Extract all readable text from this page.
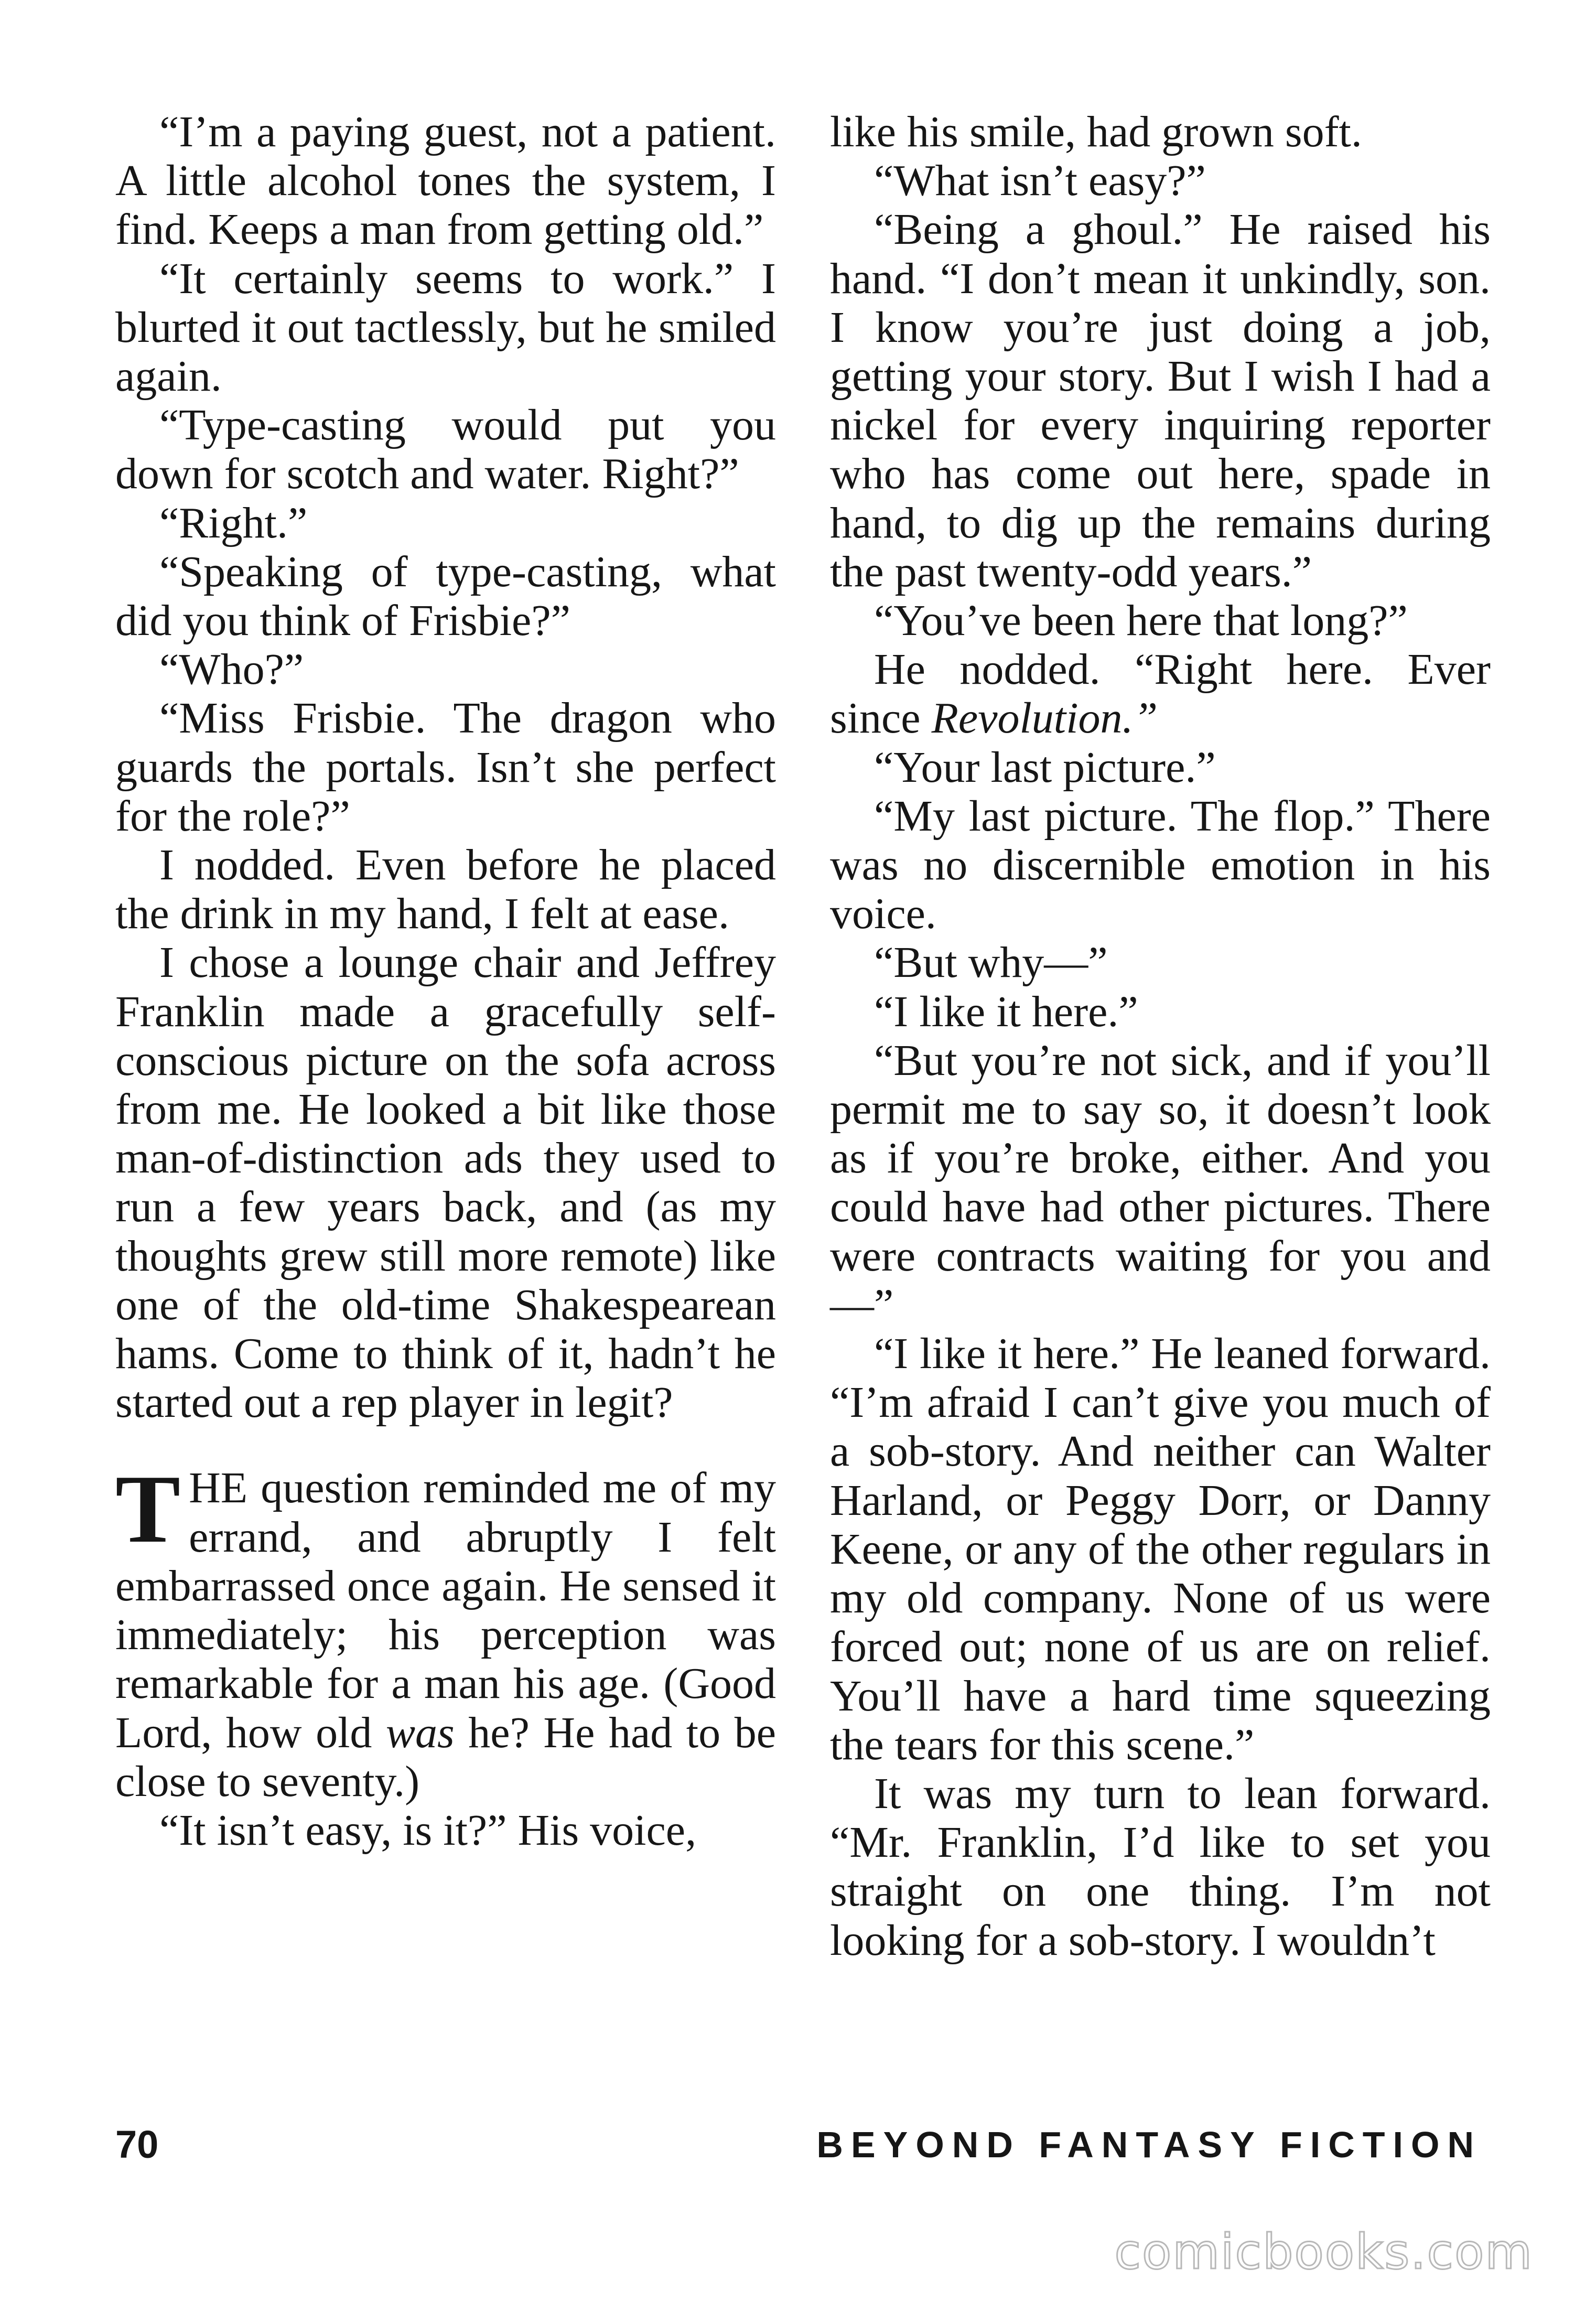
“I’m a paying guest, not a patient. A little alcohol tones the system, I find. Keeps a man from getting old.”

“It certainly seems to work.” I blurted it out tactlessly, but he smiled again.

“Type-casting would put you down for scotch and water. Right?”

“Right.”

“Speaking of type-casting, what did you think of Frisbie?”

“Who?”

“Miss Frisbie. The dragon who guards the portals. Isn’t she perfect for the role?”

I nodded. Even before he placed the drink in my hand, I felt at ease.

I chose a lounge chair and Jeffrey Franklin made a gracefully self-conscious picture on the sofa across from me. He looked a bit like those man-of-distinction ads they used to run a few years back, and (as my thoughts grew still more remote) like one of the old-time Shakespearean hams. Come to think of it, hadn’t he started out a rep player in legit?

THE question reminded me of my errand, and abruptly I felt embarrassed once again. He sensed it immediately; his perception was remarkable for a man his age. (Good Lord, how old was he? He had to be close to seventy.)

“It isn’t easy, is it?” His voice,

like his smile, had grown soft.

“What isn’t easy?”

“Being a ghoul.” He raised his hand. “I don’t mean it unkindly, son. I know you’re just doing a job, getting your story. But I wish I had a nickel for every inquiring reporter who has come out here, spade in hand, to dig up the remains during the past twenty-odd years.”

“You’ve been here that long?”

He nodded. “Right here. Ever since Revolution.”

“Your last picture.”

“My last picture. The flop.” There was no discernible emotion in his voice.

“But why—”

“I like it here.”

“But you’re not sick, and if you’ll permit me to say so, it doesn’t look as if you’re broke, either. And you could have had other pictures. There were contracts waiting for you and—”

“I like it here.” He leaned forward. “I’m afraid I can’t give you much of a sob-story. And neither can Walter Harland, or Peggy Dorr, or Danny Keene, or any of the other regulars in my old company. None of us were forced out; none of us are on relief. You’ll have a hard time squeezing the tears for this scene.”

It was my turn to lean forward. “Mr. Franklin, I’d like to set you straight on one thing. I’m not looking for a sob-story. I wouldn’t

70	BEYOND FANTASY FICTION
comicbooks.com
